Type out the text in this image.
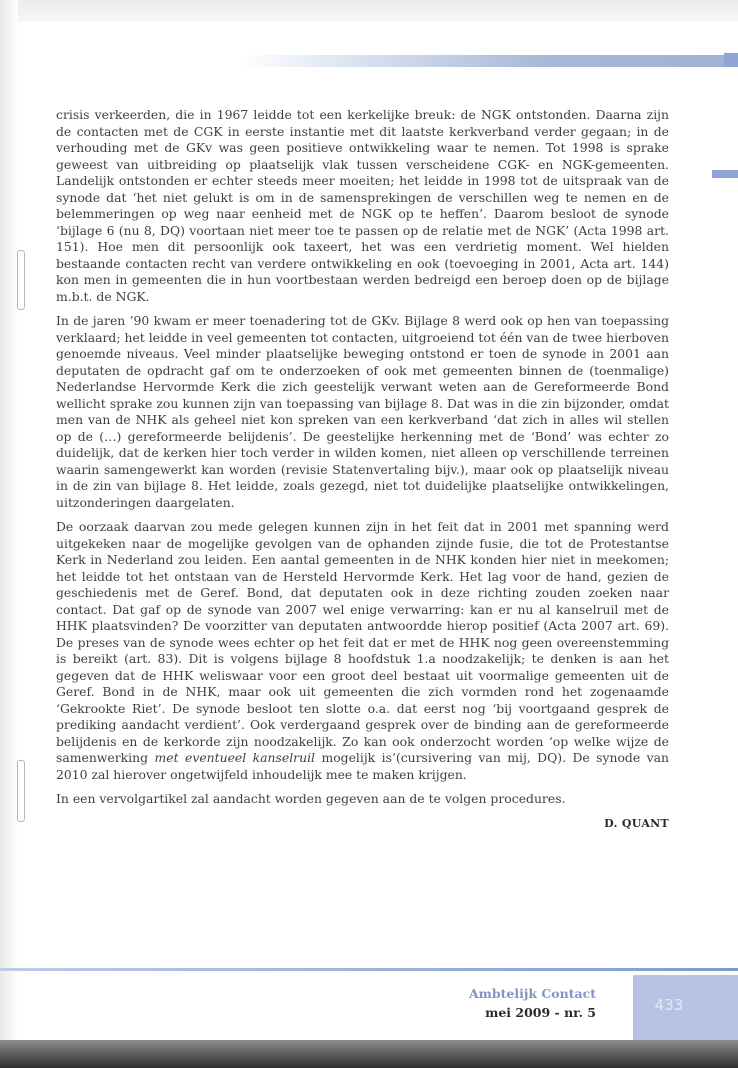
crisis verkeerden, die in 1967 leidde tot een kerkelijke breuk: de NGK ontstonden. Daarna zijn de contacten met de CGK in eerste instantie met dit laatste kerkverband verder gegaan; in de verhouding met de GKv was geen positieve ontwikkeling waar te nemen. Tot 1998 is sprake geweest van uitbreiding op plaatselijk vlak tussen verscheidene CGK- en NGK-gemeenten. Landelijk ontstonden er echter steeds meer moeiten; het leidde in 1998 tot de uitspraak van de synode dat ‘het niet gelukt is om in de samensprekingen de verschillen weg te nemen en de belemmeringen op weg naar eenheid met de NGK op te heffen’. Daarom besloot de synode ‘bijlage 6 (nu 8, DQ) voortaan niet meer toe te passen op de relatie met de NGK’ (Acta 1998 art. 151). Hoe men dit persoonlijk ook taxeert, het was een verdrietig moment. Wel hielden bestaande contacten recht van verdere ontwikkeling en ook (toevoeging in 2001, Acta art. 144) kon men in gemeenten die in hun voortbestaan werden bedreigd een beroep doen op de bijlage m.b.t. de NGK.

In de jaren ’90 kwam er meer toenadering tot de GKv. Bijlage 8 werd ook op hen van toepassing verklaard; het leidde in veel gemeenten tot contacten, uitgroeiend tot één van de twee hierboven genoemde niveaus. Veel minder plaatselijke beweging ontstond er toen de synode in 2001 aan deputaten de opdracht gaf om te onderzoeken of ook met gemeenten binnen de (toenmalige) Nederlandse Hervormde Kerk die zich geestelijk verwant weten aan de Gereformeerde Bond wellicht sprake zou kunnen zijn van toepassing van bijlage 8. Dat was in die zin bijzonder, omdat men van de NHK als geheel niet kon spreken van een kerkverband ‘dat zich in alles wil stellen op de (…) gereformeerde belijdenis’. De geestelijke herkenning met de ‘Bond’ was echter zo duidelijk, dat de kerken hier toch verder in wilden komen, niet alleen op verschillende terreinen waarin samengewerkt kan worden (revisie Statenvertaling bijv.), maar ook op plaatselijk niveau in de zin van bijlage 8. Het leidde, zoals gezegd, niet tot duidelijke plaatselijke ontwikkelingen, uitzonderingen daargelaten.

De oorzaak daarvan zou mede gelegen kunnen zijn in het feit dat in 2001 met spanning werd uitgekeken naar de mogelijke gevolgen van de ophanden zijnde fusie, die tot de Protestantse Kerk in Nederland zou leiden. Een aantal gemeenten in de NHK konden hier niet in meekomen; het leidde tot het ontstaan van de Hersteld Hervormde Kerk. Het lag voor de hand, gezien de geschiedenis met de Geref. Bond, dat deputaten ook in deze richting zouden zoeken naar contact. Dat gaf op de synode van 2007 wel enige verwarring: kan er nu al kanselruil met de HHK plaatsvinden? De voorzitter van deputaten antwoordde hierop positief (Acta 2007 art. 69). De preses van de synode wees echter op het feit dat er met de HHK nog geen overeenstemming is bereikt (art. 83). Dit is volgens bijlage 8 hoofdstuk 1.a noodzakelijk; te denken is aan het gegeven dat de HHK weliswaar voor een groot deel bestaat uit voormalige gemeenten uit de Geref. Bond in de NHK, maar ook uit gemeenten die zich vormden rond het zogenaamde ‘Gekrookte Riet’. De synode besloot ten slotte o.a. dat eerst nog ‘bij voortgaand gesprek de prediking aandacht verdient’. Ook verdergaand gesprek over de binding aan de gereformeerde belijdenis en de kerkorde zijn noodzakelijk. Zo kan ook onderzocht worden ‘op welke wijze de samenwerking met eventueel kanselruil mogelijk is’(cursivering van mij, DQ). De synode van 2010 zal hierover ongetwijfeld inhoudelijk mee te maken krijgen.

In een vervolgartikel zal aandacht worden gegeven aan de te volgen procedures.

D. QUANT
433
Ambtelijk Contact
mei 2009 - nr. 5
